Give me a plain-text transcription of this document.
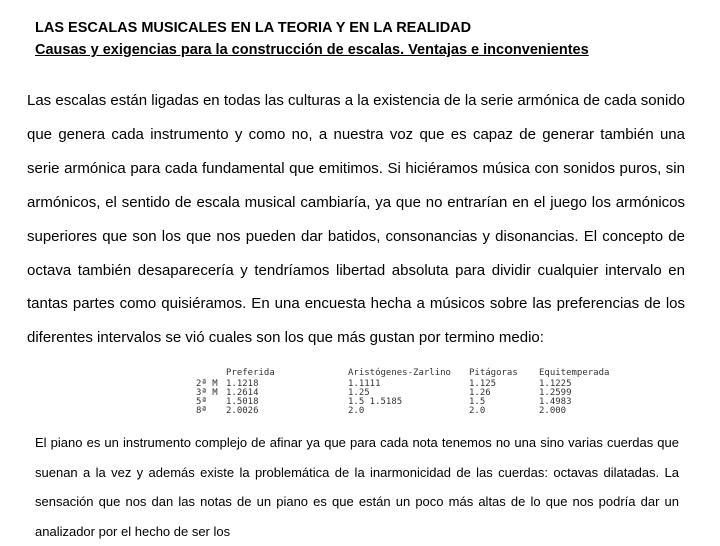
LAS ESCALAS MUSICALES EN LA TEORIA Y EN LA REALIDAD
Causas y exigencias para la construcción de escalas. Ventajas e inconvenientes

Las escalas están ligadas en todas las culturas a la existencia de la serie armónica de cada sonido que genera cada instrumento y como no, a nuestra voz que es capaz de generar también una serie armónica para cada fundamental que emitimos. Si hiciéramos música con sonidos puros, sin armónicos, el sentido de escala musical cambiaría, ya que no entrarían en el juego los armónicos superiores que son los que nos pueden dar batidos, consonancias y disonancias. El concepto de octava también desaparecería y tendríamos libertad absoluta para dividir cualquier intervalo en tantas partes como quisiéramos. En una encuesta hecha a músicos sobre las preferencias de los diferentes intervalos se vió cuales son los que más gustan por termino medio:

	Preferida	Aristógenes-Zarlino	Pitágoras	Equitemperada
2ª M	1.1218	1.1111	1.125	1.1225
3ª M	1.2614	1.25	1.26	1.2599
5ª	1.5018	1.5 1.5185	1.5	1.4983
8ª	2.0026	2.0	2.0	2.000

El piano es un instrumento complejo de afinar ya que para cada nota tenemos no una sino varias cuerdas que suenan a la vez y además existe la problemática de la inarmonicidad de las cuerdas: octavas dilatadas. La sensación que nos dan las notas de un piano es que están un poco más altas de lo que nos podría dar un analizador por el hecho de ser los
